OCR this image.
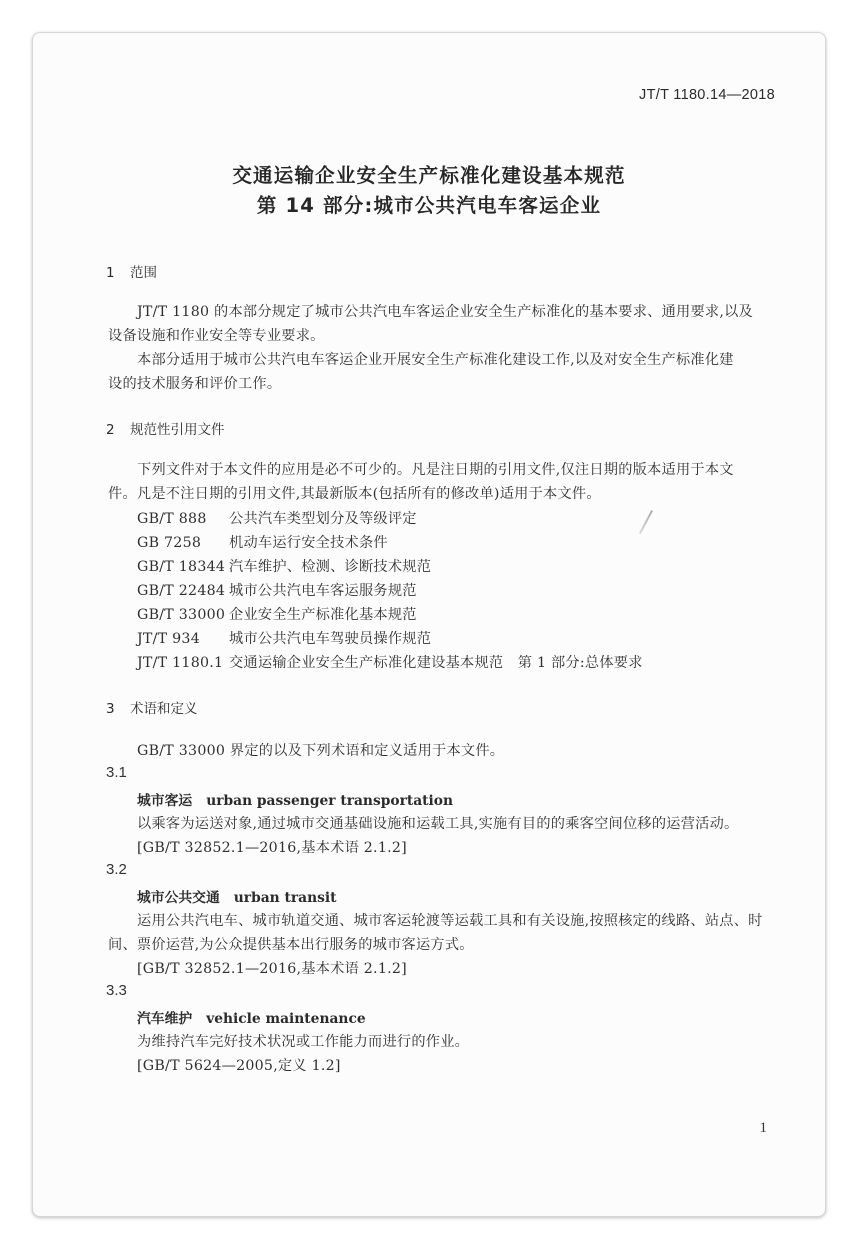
JT/T 1180.14—2018
交通运输企业安全生产标准化建设基本规范
第 14 部分:城市公共汽电车客运企业
1 范围
JT/T 1180 的本部分规定了城市公共汽电车客运企业安全生产标准化的基本要求、通用要求,以及
设备设施和作业安全等专业要求。
本部分适用于城市公共汽电车客运企业开展安全生产标准化建设工作,以及对安全生产标准化建
设的技术服务和评价工作。
2 规范性引用文件
下列文件对于本文件的应用是必不可少的。凡是注日期的引用文件,仅注日期的版本适用于本文
件。凡是不注日期的引用文件,其最新版本(包括所有的修改单)适用于本文件。
GB/T 888 公共汽车类型划分及等级评定
GB 7258 机动车运行安全技术条件
GB/T 18344 汽车维护、检测、诊断技术规范
GB/T 22484 城市公共汽电车客运服务规范
GB/T 33000 企业安全生产标准化基本规范
JT/T 934 城市公共汽电车驾驶员操作规范
JT/T 1180.1 交通运输企业安全生产标准化建设基本规范　第 1 部分:总体要求
3 术语和定义
GB/T 33000 界定的以及下列术语和定义适用于本文件。
3.1
城市客运 urban passenger transportation
以乘客为运送对象,通过城市交通基础设施和运载工具,实施有目的的乘客空间位移的运营活动。
[GB/T 32852.1—2016,基本术语 2.1.2]
3.2
城市公共交通 urban transit
运用公共汽电车、城市轨道交通、城市客运轮渡等运载工具和有关设施,按照核定的线路、站点、时
间、票价运营,为公众提供基本出行服务的城市客运方式。
[GB/T 32852.1—2016,基本术语 2.1.2]
3.3
汽车维护 vehicle maintenance
为维持汽车完好技术状况或工作能力而进行的作业。
[GB/T 5624—2005,定义 1.2]
1
